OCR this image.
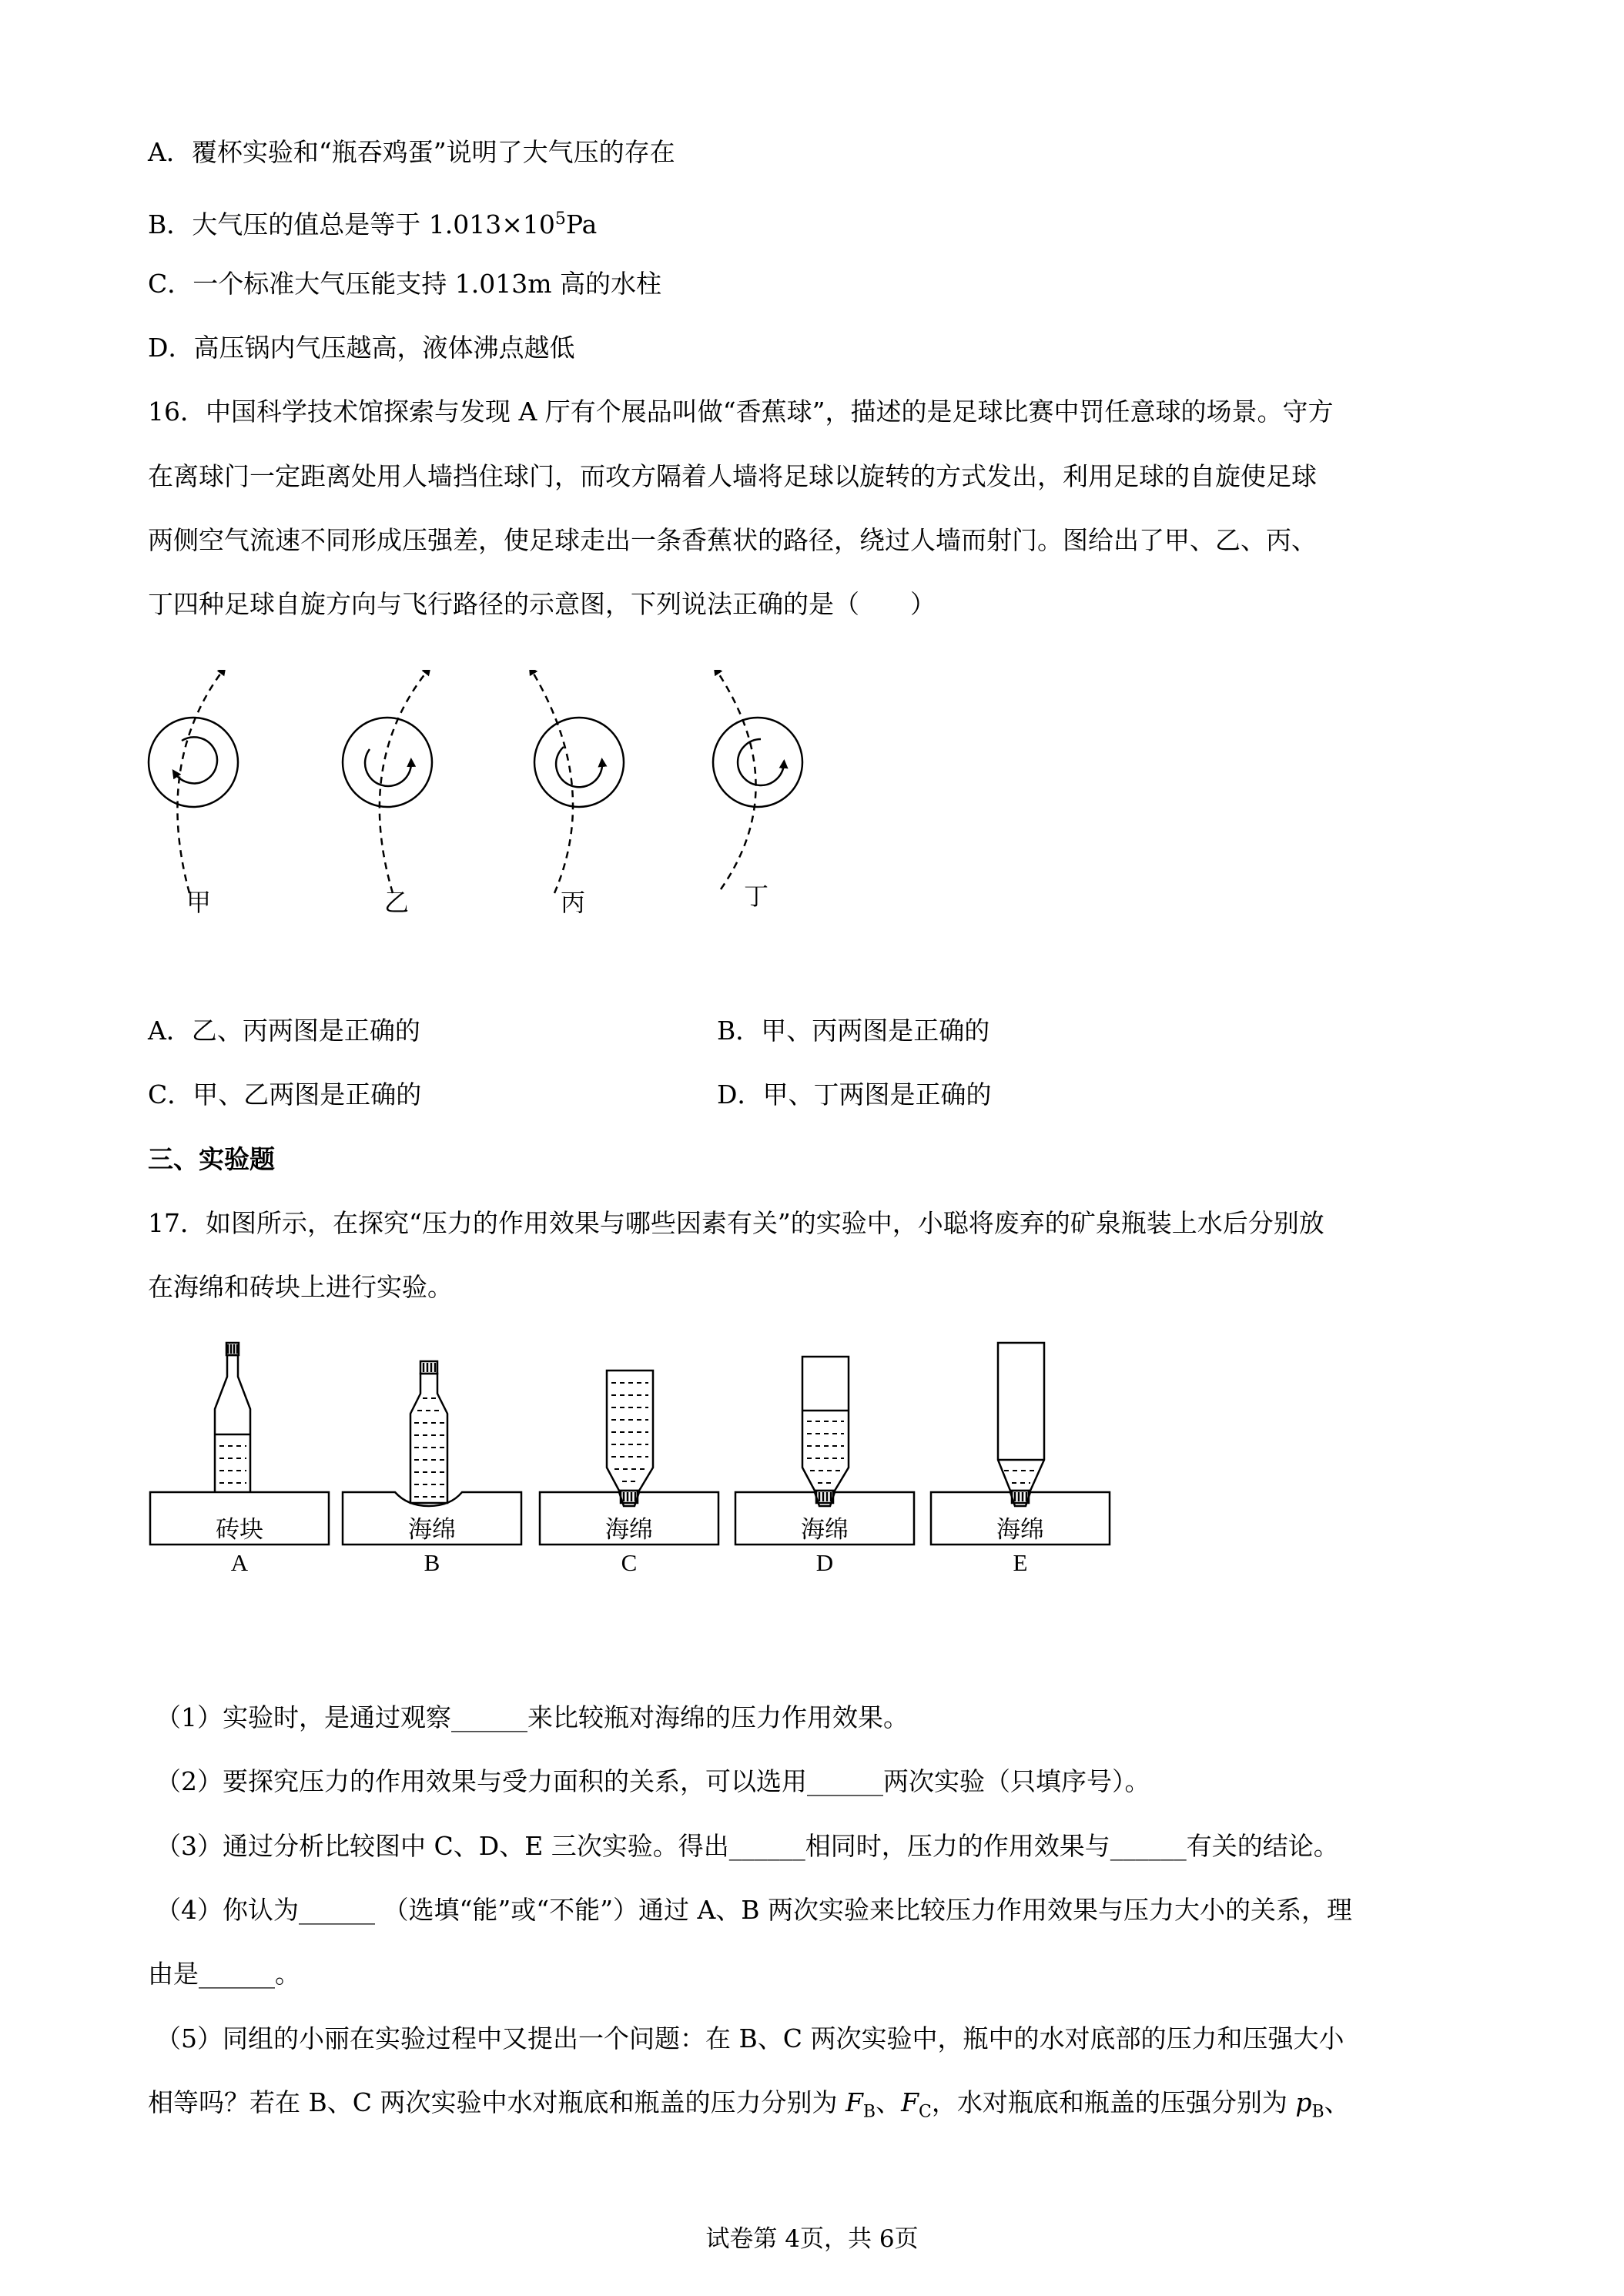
A．覆杯实验和“瓶吞鸡蛋”说明了大气压的存在
B．大气压的值总是等于 $1.013\times 10^5Pa$
C．一个标准大气压能支持 1.013m 高的水柱
D．高压锅内气压越高，液体沸点越低
16．中国科学技术馆探索与发现 A 厅有个展品叫做“香蕉球”，描述的是足球比赛中罚任意球的场景。守方
在离球门一定距离处用人墙挡住球门，而攻方隔着人墙将足球以旋转的方式发出，利用足球的自旋使足球
两侧空气流速不同形成压强差，使足球走出一条香蕉状的路径，绕过人墙而射门。图给出了甲、乙、丙、
丁四种足球自旋方向与飞行路径的示意图，下列说法正确的是（　　）
甲	乙	丙	丁
A．乙、丙两图是正确的	B．甲、丙两图是正确的
C．甲、乙两图是正确的	D．甲、丁两图是正确的
三、实验题
17．如图所示，在探究“压力的作用效果与哪些因素有关”的实验中，小聪将废弃的矿泉瓶装上水后分别放
在海绵和砖块上进行实验。
砖块	海绵	海绵	海绵	海绵
A	B	C	D	E
（1）实验时，是通过观察______来比较瓶对海绵的压力作用效果。
（2）要探究压力的作用效果与受力面积的关系，可以选用______两次实验（只填序号）。
（3）通过分析比较图中 C、D、E 三次实验。得出______相同时，压力的作用效果与______有关的结论。
（4）你认为______ （选填“能”或“不能”）通过 A、B 两次实验来比较压力作用效果与压力大小的关系，理
由是______。
（5）同组的小丽在实验过程中又提出一个问题：在 B、C 两次实验中，瓶中的水对底部的压力和压强大小
相等吗？若在 B、C 两次实验中水对瓶底和瓶盖的压力分别为 $F_B$、$F_C$，水对瓶底和瓶盖的压强分别为 $p_B$、
试卷第 4页，共 6页
